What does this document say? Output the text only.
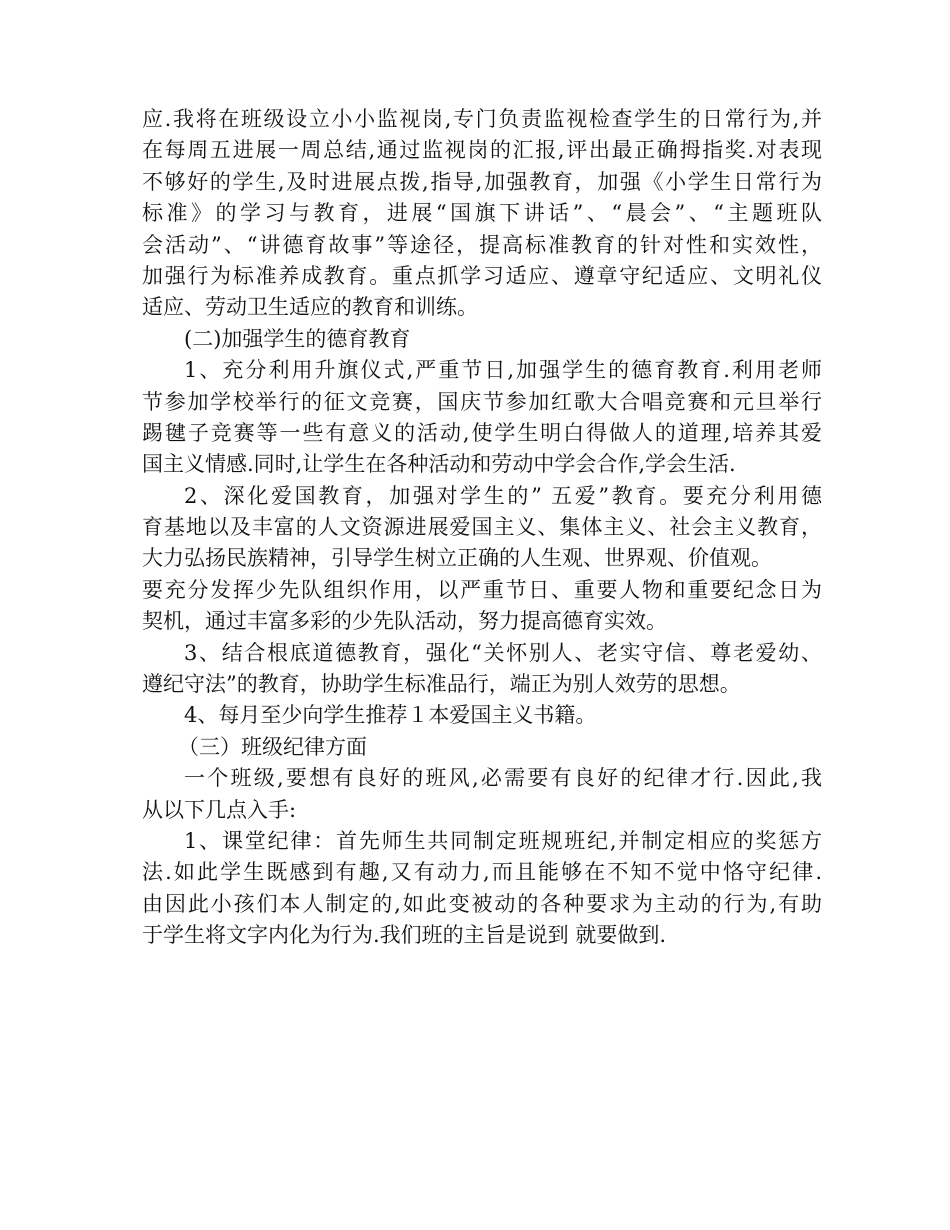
应.我将在班级设立小小监视岗,专门负责监视检查学生的日常行为,并
在每周五进展一周总结,通过监视岗的汇报,评出最正确拇指奖.对表现
不够好的学生,及时进展点拨,指导,加强教育，加强《小学生日常行为
标准》的学习与教育，进展“国旗下讲话”、“晨会”、“主题班队
会活动”、“讲德育故事”等途径，提高标准教育的针对性和实效性，
加强行为标准养成教育。重点抓学习适应、遵章守纪适应、文明礼仪
适应、劳动卫生适应的教育和训练。
(二)加强学生的德育教育
1、充分利用升旗仪式,严重节日,加强学生的德育教育.利用老师
节参加学校举行的征文竞赛，国庆节参加红歌大合唱竞赛和元旦举行
踢毽子竞赛等一些有意义的活动,使学生明白得做人的道理,培养其爱
国主义情感.同时,让学生在各种活动和劳动中学会合作,学会生活.
2、深化爱国教育，加强对学生的” 五爱”教育。要充分利用德
育基地以及丰富的人文资源进展爱国主义、集体主义、社会主义教育，
大力弘扬民族精神，引导学生树立正确的人生观、世界观、价值观。
要充分发挥少先队组织作用，以严重节日、重要人物和重要纪念日为
契机，通过丰富多彩的少先队活动，努力提高德育实效。
3、结合根底道德教育，强化“关怀别人、老实守信、尊老爱幼、
遵纪守法”的教育，协助学生标准品行，端正为别人效劳的思想。
4、每月至少向学生推荐１本爱国主义书籍。
（三）班级纪律方面
一个班级,要想有良好的班风,必需要有良好的纪律才行.因此,我
从以下几点入手:
1、课堂纪律：首先师生共同制定班规班纪,并制定相应的奖惩方
法.如此学生既感到有趣,又有动力,而且能够在不知不觉中恪守纪律.
由因此小孩们本人制定的,如此变被动的各种要求为主动的行为,有助
于学生将文字内化为行为.我们班的主旨是说到 就要做到.
